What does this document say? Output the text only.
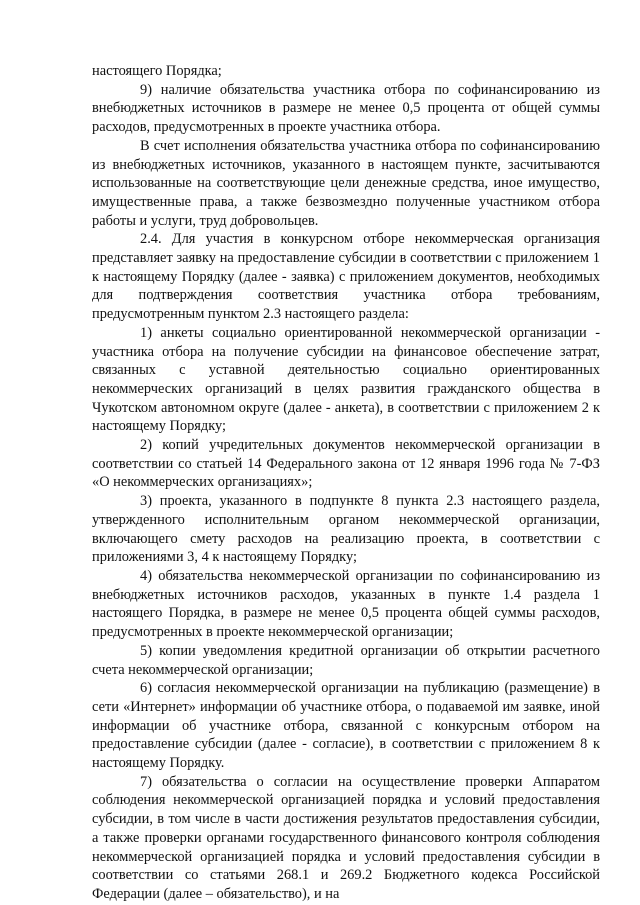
настоящего Порядка;

9) наличие обязательства участника отбора по софинансированию из внебюджетных источников в размере не менее 0,5 процента от общей суммы расходов, предусмотренных в проекте участника отбора.

В счет исполнения обязательства участника отбора по софинансированию из внебюджетных источников, указанного в настоящем пункте, засчитываются использованные на соответствующие цели денежные средства, иное имущество, имущественные права, а также безвозмездно полученные участником отбора работы и услуги, труд добровольцев.

2.4. Для участия в конкурсном отборе некоммерческая организация представляет заявку на предоставление субсидии в соответствии с приложением 1 к настоящему Порядку (далее - заявка) с приложением документов, необходимых для подтверждения соответствия участника отбора требованиям, предусмотренным пунктом 2.3 настоящего раздела:

1) анкеты социально ориентированной некоммерческой организации - участника отбора на получение субсидии на финансовое обеспечение затрат, связанных с уставной деятельностью социально ориентированных некоммерческих организаций в целях развития гражданского общества в Чукотском автономном округе (далее - анкета), в соответствии с приложением 2 к настоящему Порядку;

2) копий учредительных документов некоммерческой организации в соответствии со статьей 14 Федерального закона от 12 января 1996 года № 7-ФЗ «О некоммерческих организациях»;

3) проекта, указанного в подпункте 8 пункта 2.3 настоящего раздела, утвержденного исполнительным органом некоммерческой организации, включающего смету расходов на реализацию проекта, в соответствии с приложениями 3, 4 к настоящему Порядку;

4) обязательства некоммерческой организации по софинансированию из внебюджетных источников расходов, указанных в пункте 1.4 раздела 1 настоящего Порядка, в размере не менее 0,5 процента общей суммы расходов, предусмотренных в проекте некоммерческой организации;

5) копии уведомления кредитной организации об открытии расчетного счета некоммерческой организации;

6) согласия некоммерческой организации на публикацию (размещение) в сети «Интернет» информации об участнике отбора, о подаваемой им заявке, иной информации об участнике отбора, связанной с конкурсным отбором на предоставление субсидии (далее - согласие), в соответствии с приложением 8 к настоящему Порядку.

7) обязательства о согласии на осуществление проверки Аппаратом соблюдения некоммерческой организацией порядка и условий предоставления субсидии, в том числе в части достижения результатов предоставления субсидии, а также проверки органами государственного финансового контроля соблюдения некоммерческой организацией порядка и условий предоставления субсидии в соответствии со статьями 268.1 и 269.2 Бюджетного кодекса Российской Федерации (далее – обязательство), и на
